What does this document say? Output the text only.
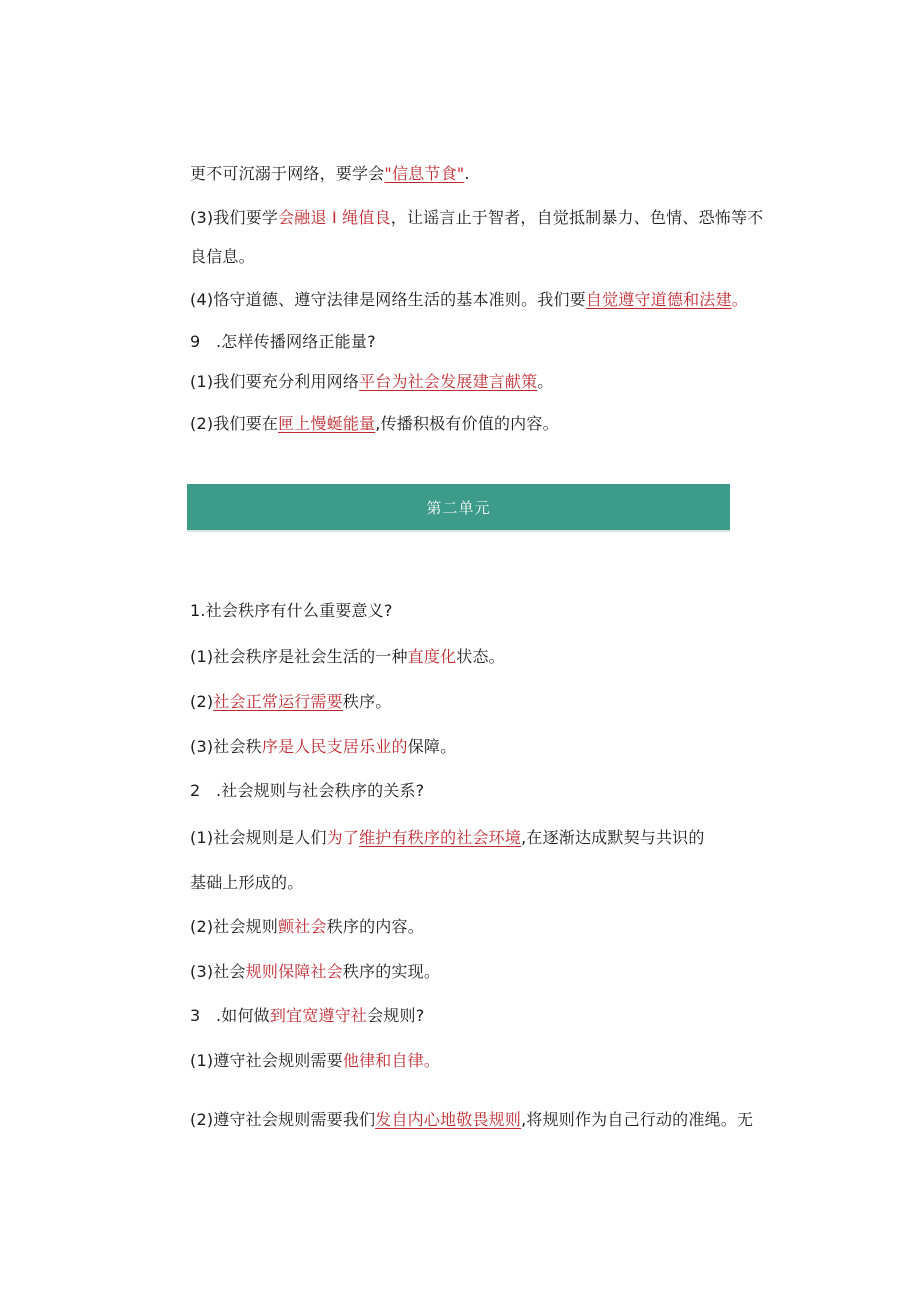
更不可沉溺于网络，要学会"信息节食".
(3)我们要学会融退 I 绳值良，让谣言止于智者，自觉抵制暴力、色情、恐怖等不
良信息。
(4)恪守道德、遵守法律是网络生活的基本准则。我们要自觉遵守道德和法建。
9 .怎样传播网络正能量?
(1)我们要充分利用网络平台为社会发展建言献策。
(2)我们要在匣上慢蜒能量,传播积极有价值的内容。
第二单元
1.社会秩序有什么重要意义?
(1)社会秩序是社会生活的一种直度化状态。
(2)社会正常运行需要秩序。
(3)社会秩序是人民支居乐业的保障。
2 .社会规则与社会秩序的关系?
(1)社会规则是人们为了维护有秩序的社会环境,在逐渐达成默契与共识的
基础上形成的。
(2)社会规则颤社会秩序的内容。
(3)社会规则保障社会秩序的实现。
3 .如何做到宜宽遵守社会规则?
(1)遵守社会规则需要他律和自律。
(2)遵守社会规则需要我们发自内心地敬畏规则,将规则作为自己行动的准绳。无
